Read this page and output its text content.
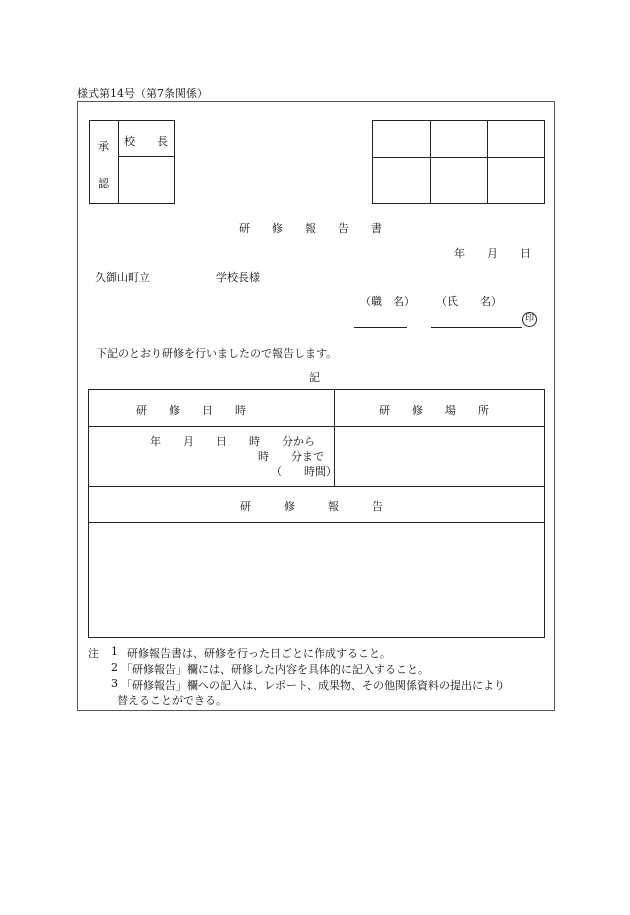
様式第14号（第7条関係）
承
認
校　　長
研　　修　　報　　告　　書
年　　月　　日
久御山町立　　　　　　学校長様
（職　名） （氏　　名）
印
下記のとおり研修を行いましたので報告します。
記
研　　修　　日　　時	研　　修　　場　　所
年　　月　　日　　時　　分から
時　　分まで
（　　時間）
研　　　修　　　報　　　告
注 1 研修報告書は、研修を行った日ごとに作成すること。
2 「研修報告」欄には、研修した内容を具体的に記入すること。
3 「研修報告」欄への記入は、レポート、成果物、その他関係資料の提出により
替えることができる。
